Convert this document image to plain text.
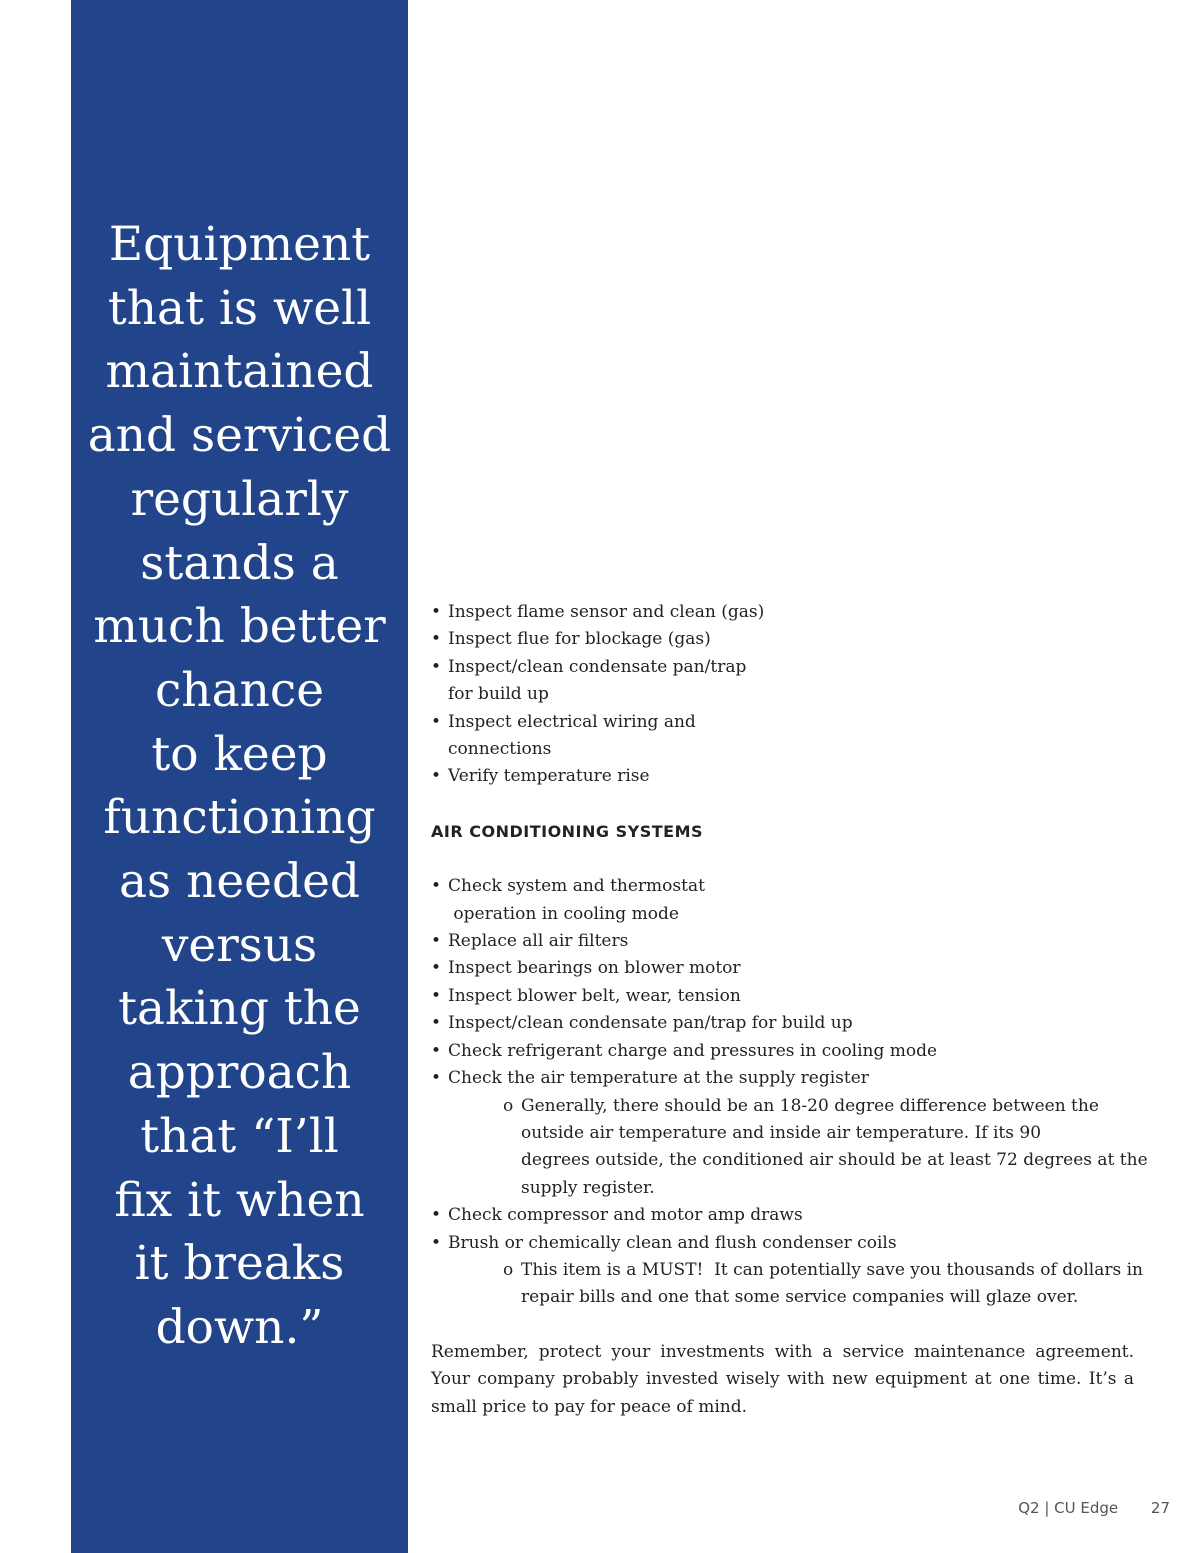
Equipment
that is well
maintained
and serviced
regularly
stands a
much better
chance
to keep
functioning
as needed
versus
taking the
approach
that “I’ll
fix it when
it breaks
down.”
• Inspect flame sensor and clean (gas)
• Inspect flue for blockage (gas)
• Inspect/clean condensate pan/trap
for build up
• Inspect electrical wiring and
connections
• Verify temperature rise
AIR CONDITIONING SYSTEMS
• Check system and thermostat
operation in cooling mode
• Replace all air filters
• Inspect bearings on blower motor
• Inspect blower belt, wear, tension
• Inspect/clean condensate pan/trap for build up
• Check refrigerant charge and pressures in cooling mode
• Check the air temperature at the supply register
o Generally, there should be an 18-20 degree difference between the
outside air temperature and inside air temperature. If its 90
degrees outside, the conditioned air should be at least 72 degrees at the
supply register.
• Check compressor and motor amp draws
• Brush or chemically clean and flush condenser coils
o This item is a MUST!  It can potentially save you thousands of dollars in
repair bills and one that some service companies will glaze over.

Remember, protect your investments with a service maintenance agreement. Your company probably invested wisely with new equipment at one time. It’s a small price to pay for peace of mind.

Q2 | CU Edge 27
